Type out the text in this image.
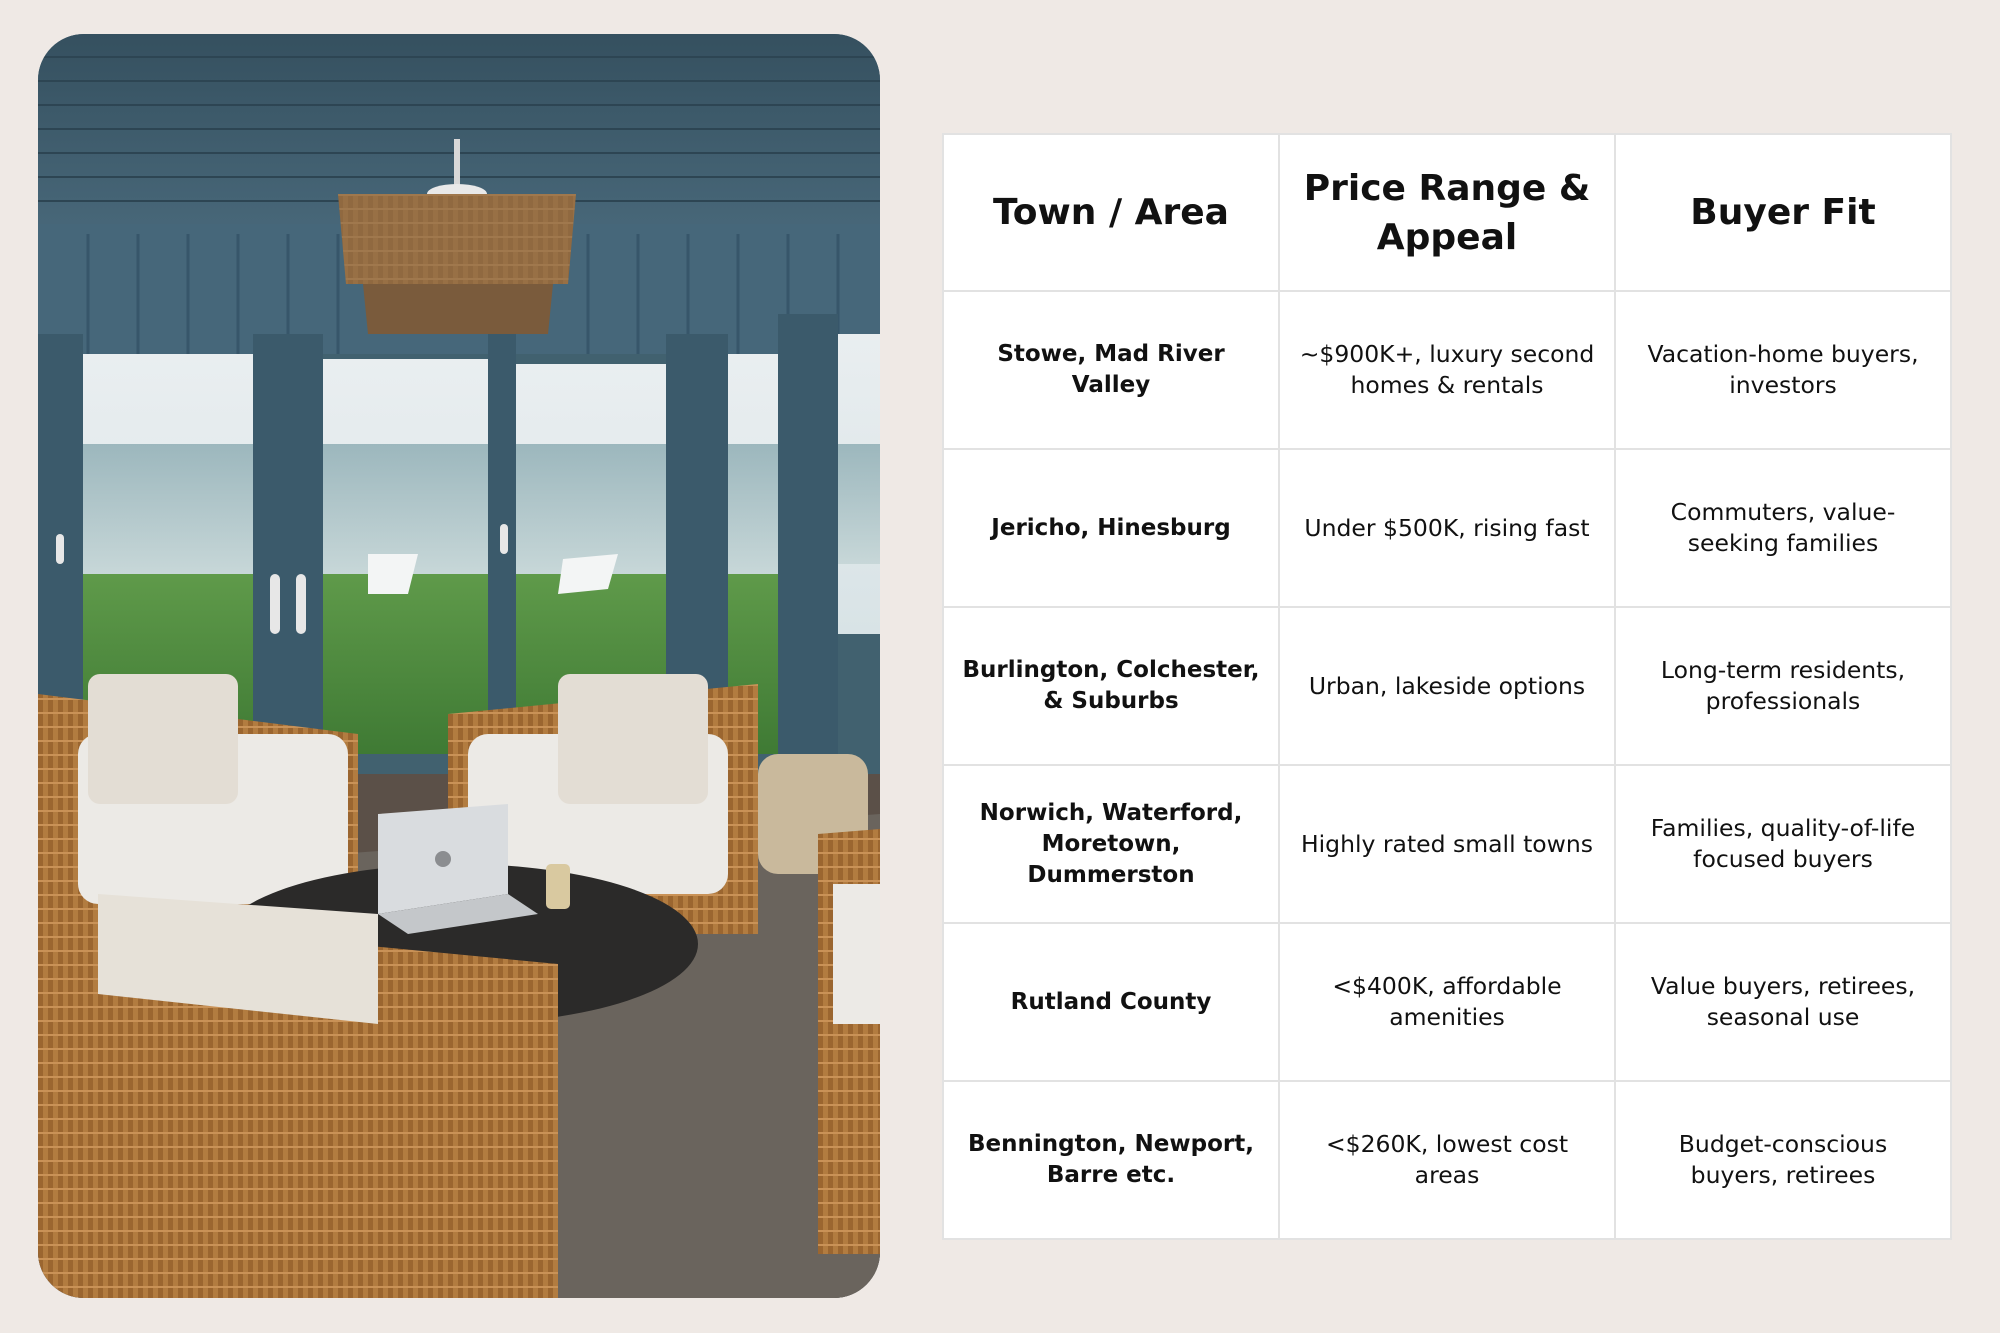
Town / Area	Price Range & Appeal	Buyer Fit
Stowe, Mad River Valley	~$900K+, luxury second homes & rentals	Vacation-home buyers, investors
Jericho, Hinesburg	Under $500K, rising fast	Commuters, value-seeking families
Burlington, Colchester, & Suburbs	Urban, lakeside options	Long-term residents, professionals
Norwich, Waterford, Moretown, Dummerston	Highly rated small towns	Families, quality-of-life focused buyers
Rutland County	<$400K, affordable amenities	Value buyers, retirees, seasonal use
Bennington, Newport, Barre etc.	<$260K, lowest cost areas	Budget-conscious buyers, retirees
